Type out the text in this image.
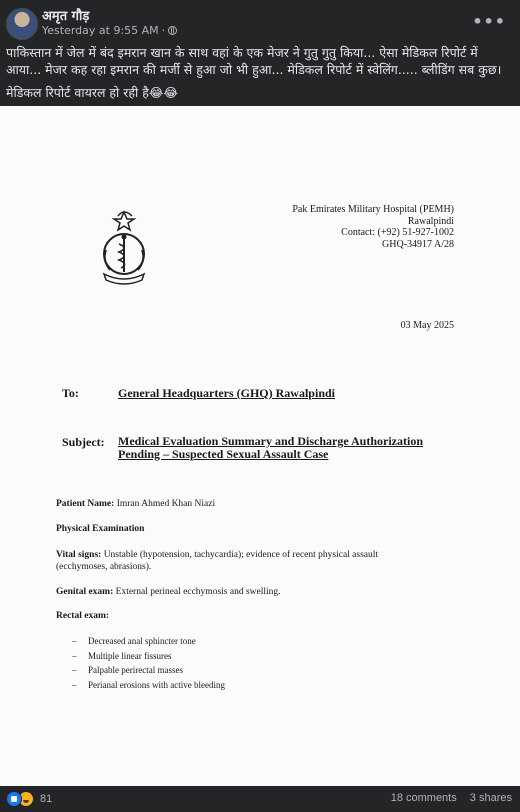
अमृत गौड़
Yesterday at 9:55 AM ·	•••

पाकिस्तान में जेल में बंद इमरान खान के साथ वहां के एक मेजर ने गुतु गुतु किया... ऐसा मेडिकल रिपोर्ट में आया... मेजर कह रहा इमरान की मर्जी से हुआ जो भी हुआ... मेडिकल रिपोर्ट में स्वेलिंग..... ब्लीडिंग सब कुछ।

मेडिकल रिपोर्ट वायरल हो रही है😂😂

Pak Emirates Military Hospital (PEMH)
Rawalpindi
Contact: (+92) 51-927-1002
GHQ-34917 A/28
03 May 2025
To:	General Headquarters (GHQ) Rawalpindi
Subject: Medical Evaluation Summary and Discharge Authorization
Pending – Suspected Sexual Assault Case
Patient Name: Imran Ahmed Khan Niazi
Physical Examination
Vital signs: Unstable (hypotension, tachycardia); evidence of recent physical assault (ecchymoses, abrasions).
Genital exam: External perineal ecchymosis and swelling.
Rectal exam:
– Decreased anal sphincter tone
– Multiple linear fissures
– Palpable perirectal masses
– Perianal erosions with active bleeding
81	18 comments 3 shares
